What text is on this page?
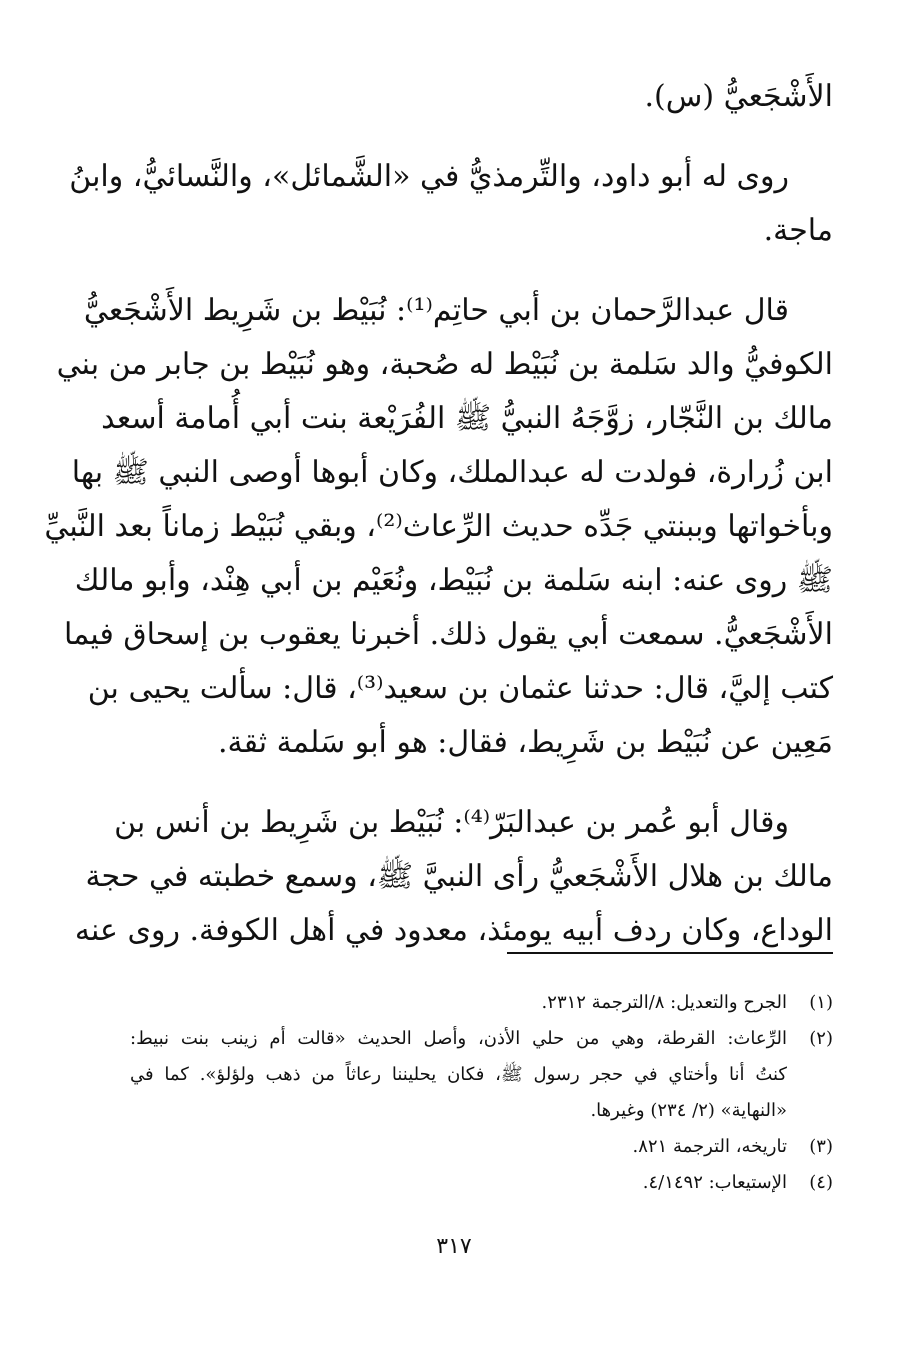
الأَشْجَعيُّ (س).
روى له أبو داود، والتِّرمذيُّ في «الشَّمائل»، والنَّسائيُّ، وابنُ
ماجة.
قال عبدالرَّحمان بن أبي حاتِم⁽¹⁾: نُبَيْط بن شَرِيط الأَشْجَعيُّ
الكوفيُّ والد سَلمة بن نُبَيْط له صُحبة، وهو نُبَيْط بن جابر من بني
مالك بن النَّجّار، زوَّجَهُ النبيُّ ﷺ الفُرَيْعة بنت أبي أُمامة أسعد
ابن زُرارة، فولدت له عبدالملك، وكان أبوها أوصى النبي ﷺ بها
وبأخواتها وببنتي جَدِّه حديث الرِّعاث⁽²⁾، وبقي نُبَيْط زماناً بعد النَّبيِّ
ﷺ روى عنه: ابنه سَلمة بن نُبَيْط، ونُعَيْم بن أبي هِنْد، وأبو مالك
الأَشْجَعيُّ. سمعت أبي يقول ذلك. أخبرنا يعقوب بن إسحاق فيما
كتب إليَّ، قال: حدثنا عثمان بن سعيد⁽³⁾، قال: سألت يحيى بن
مَعِين عن نُبَيْط بن شَرِيط، فقال: هو أبو سَلمة ثقة.
وقال أبو عُمر بن عبدالبَرّ⁽⁴⁾: نُبَيْط بن شَرِيط بن أنس بن
مالك بن هلال الأَشْجَعيُّ رأى النبيَّ ﷺ، وسمع خطبته في حجة
الوداع، وكان ردف أبيه يومئذ، معدود في أهل الكوفة. روى عنه
(١)
الجرح والتعديل: ٨/الترجمة ٢٣١٢.
(٢)
الرِّعاث: القرطة، وهي من حلي الأذن، وأصل الحديث «قالت أم زينب بنت نبيط:
كنتُ أنا وأختاي في حجر رسول ﷺ، فكان يحليننا رعاثاً من ذهب ولؤلؤ». كما في
«النهاية» (٢/ ٢٣٤) وغيرها.
(٣)
تاريخه، الترجمة ٨٢١.
(٤)
الإستيعاب: ٤/١٤٩٢.
٣١٧
